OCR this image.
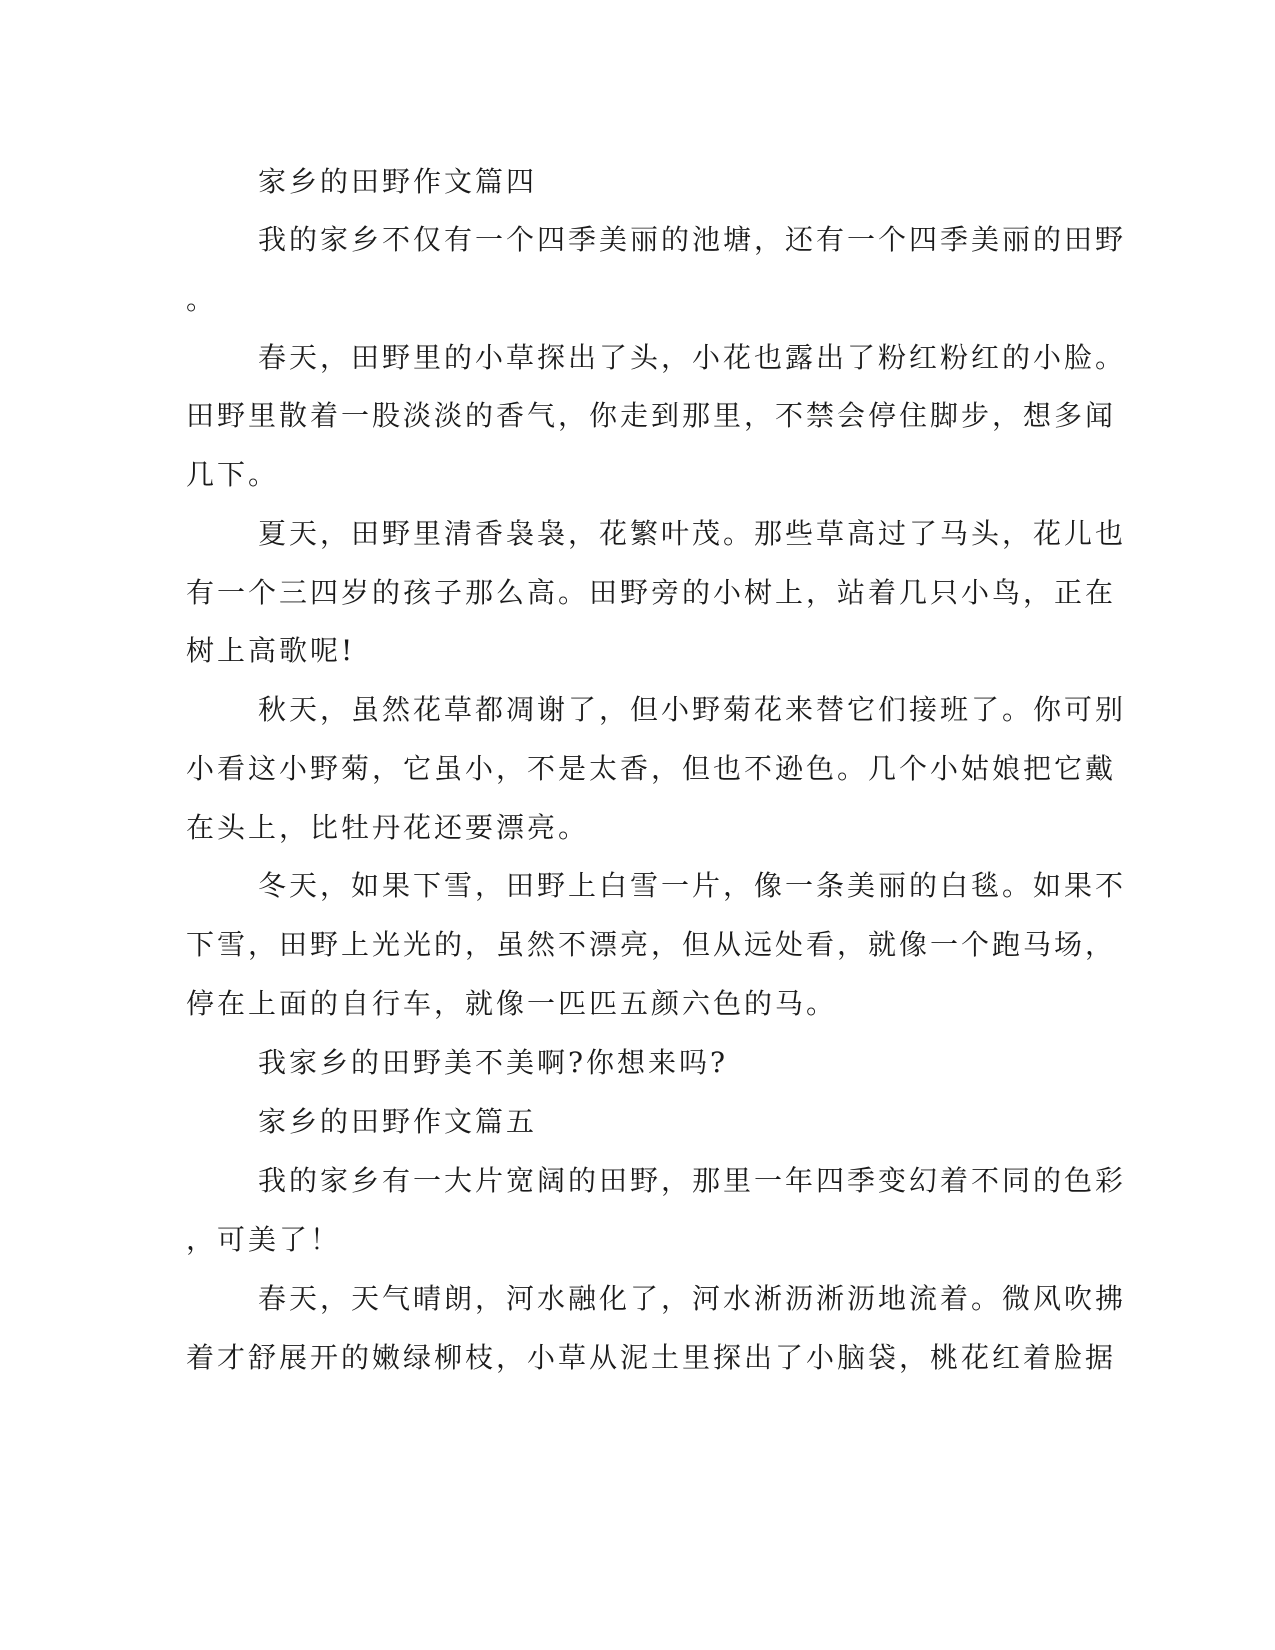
家乡的田野作文篇四
我的家乡不仅有一个四季美丽的池塘，还有一个四季美丽的田野
。
春天，田野里的小草探出了头，小花也露出了粉红粉红的小脸。
田野里散着一股淡淡的香气，你走到那里，不禁会停住脚步，想多闻
几下。
夏天，田野里清香袅袅，花繁叶茂。那些草高过了马头，花儿也
有一个三四岁的孩子那么高。田野旁的小树上，站着几只小鸟，正在
树上高歌呢!
秋天，虽然花草都凋谢了，但小野菊花来替它们接班了。你可别
小看这小野菊，它虽小，不是太香，但也不逊色。几个小姑娘把它戴
在头上，比牡丹花还要漂亮。
冬天，如果下雪，田野上白雪一片，像一条美丽的白毯。如果不
下雪，田野上光光的，虽然不漂亮，但从远处看，就像一个跑马场，
停在上面的自行车，就像一匹匹五颜六色的马。
我家乡的田野美不美啊?你想来吗?
家乡的田野作文篇五
我的家乡有一大片宽阔的田野，那里一年四季变幻着不同的色彩
，可美了！
春天，天气晴朗，河水融化了，河水淅沥淅沥地流着。微风吹拂
着才舒展开的嫩绿柳枝，小草从泥土里探出了小脑袋，桃花红着脸据
